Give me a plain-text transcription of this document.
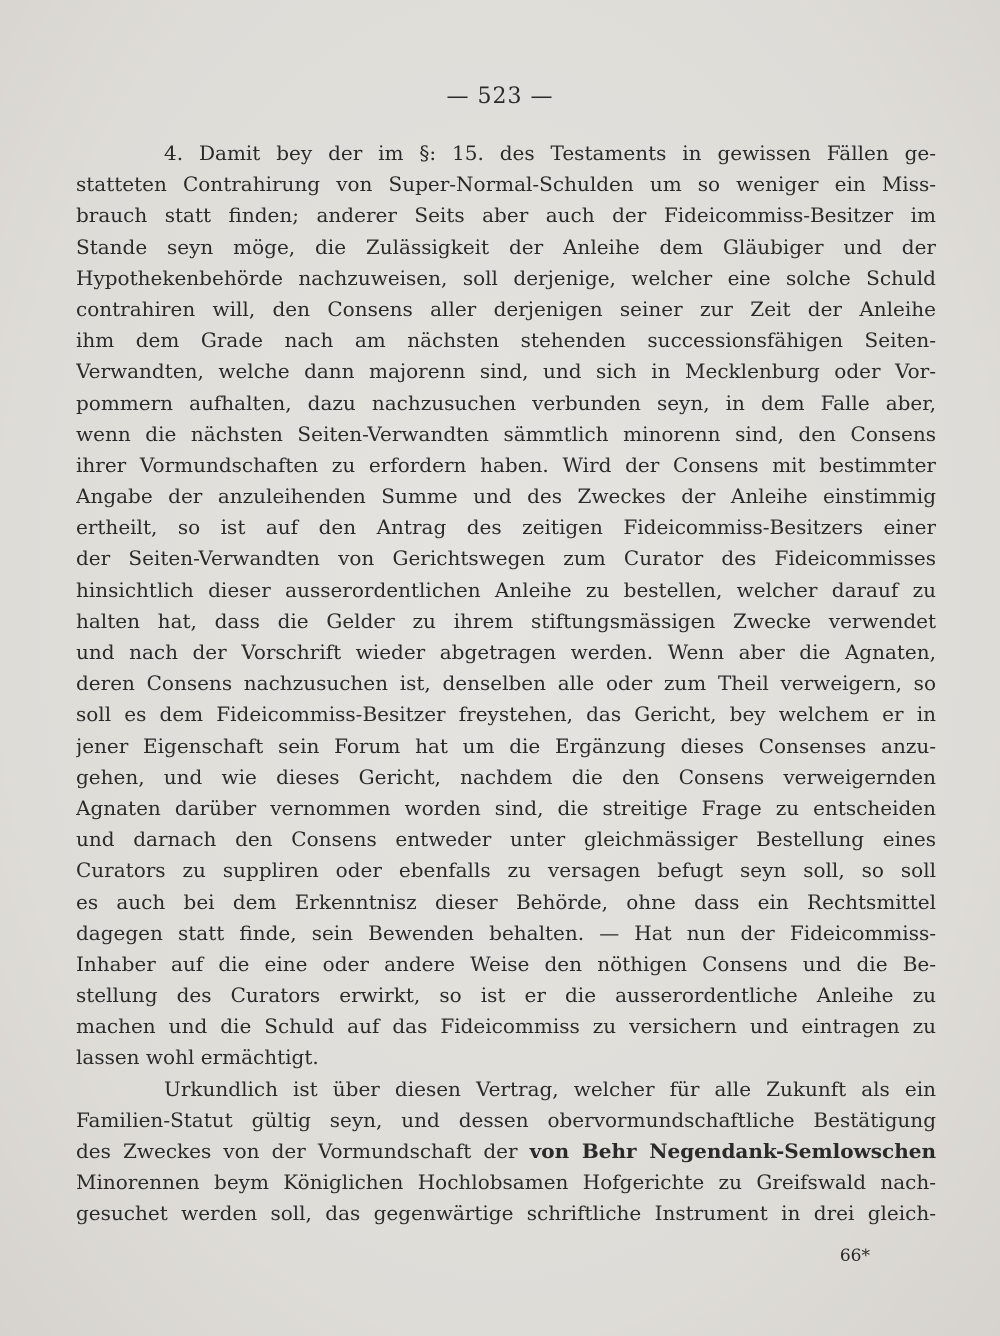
— 523 —
4. Damit bey der im §: 15. des Testaments in gewissen Fällen ge-
statteten Contrahirung von Super-Normal-Schulden um so weniger ein Miss-
brauch statt finden; anderer Seits aber auch der Fideicommiss-Besitzer im
Stande seyn möge, die Zulässigkeit der Anleihe dem Gläubiger und der
Hypothekenbehörde nachzuweisen, soll derjenige, welcher eine solche Schuld
contrahiren will, den Consens aller derjenigen seiner zur Zeit der Anleihe
ihm dem Grade nach am nächsten stehenden successionsfähigen Seiten-
Verwandten, welche dann majorenn sind, und sich in Mecklenburg oder Vor-
pommern aufhalten, dazu nachzusuchen verbunden seyn, in dem Falle aber,
wenn die nächsten Seiten-Verwandten sämmtlich minorenn sind, den Consens
ihrer Vormundschaften zu erfordern haben. Wird der Consens mit bestimmter
Angabe der anzuleihenden Summe und des Zweckes der Anleihe einstimmig
ertheilt, so ist auf den Antrag des zeitigen Fideicommiss-Besitzers einer
der Seiten-Verwandten von Gerichtswegen zum Curator des Fideicommisses
hinsichtlich dieser ausserordentlichen Anleihe zu bestellen, welcher darauf zu
halten hat, dass die Gelder zu ihrem stiftungsmässigen Zwecke verwendet
und nach der Vorschrift wieder abgetragen werden. Wenn aber die Agnaten,
deren Consens nachzusuchen ist, denselben alle oder zum Theil verweigern, so
soll es dem Fideicommiss-Besitzer freystehen, das Gericht, bey welchem er in
jener Eigenschaft sein Forum hat um die Ergänzung dieses Consenses anzu-
gehen, und wie dieses Gericht, nachdem die den Consens verweigernden
Agnaten darüber vernommen worden sind, die streitige Frage zu entscheiden
und darnach den Consens entweder unter gleichmässiger Bestellung eines
Curators zu suppliren oder ebenfalls zu versagen befugt seyn soll, so soll
es auch bei dem Erkenntnisz dieser Behörde, ohne dass ein Rechtsmittel
dagegen statt finde, sein Bewenden behalten. — Hat nun der Fideicommiss-
Inhaber auf die eine oder andere Weise den nöthigen Consens und die Be-
stellung des Curators erwirkt, so ist er die ausserordentliche Anleihe zu
machen und die Schuld auf das Fideicommiss zu versichern und eintragen zu
lassen wohl ermächtigt.
Urkundlich ist über diesen Vertrag, welcher für alle Zukunft als ein
Familien-Statut gültig seyn, und dessen obervormundschaftliche Bestätigung
des Zweckes von der Vormundschaft der von Behr Negendank-Semlowschen
Minorennen beym Königlichen Hochlobsamen Hofgerichte zu Greifswald nach-
gesuchet werden soll, das gegenwärtige schriftliche Instrument in drei gleich-
66*
